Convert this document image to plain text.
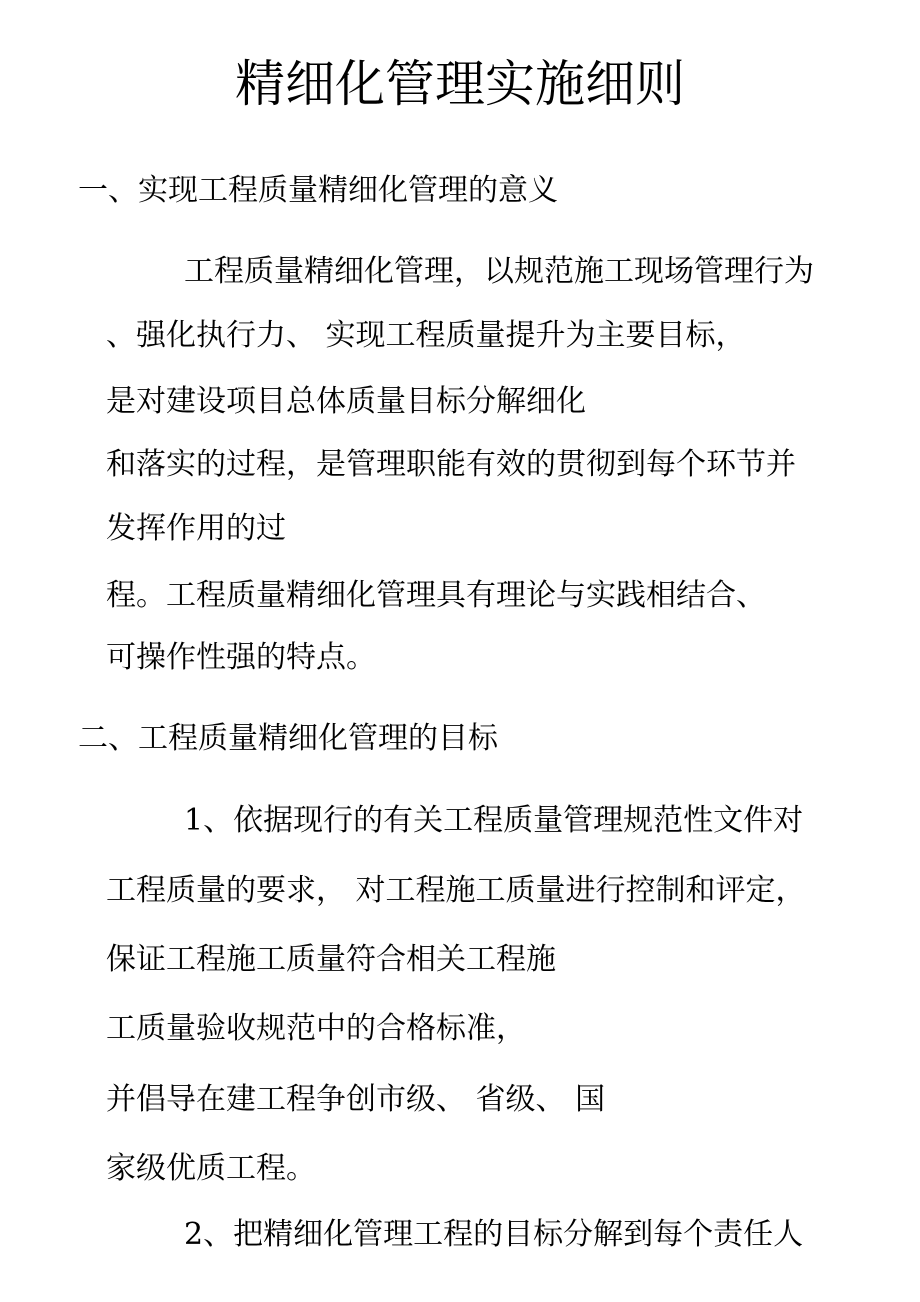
精细化管理实施细则
一、实现工程质量精细化管理的意义
工程质量精细化管理，以规范施工现场管理行为
、强化执行力、 实现工程质量提升为主要目标，
是对建设项目总体质量目标分解细化
和落实的过程，是管理职能有效的贯彻到每个环节并
发挥作用的过
程。工程质量精细化管理具有理论与实践相结合、
可操作性强的特点。
二、工程质量精细化管理的目标
1、依据现行的有关工程质量管理规范性文件对
工程质量的要求， 对工程施工质量进行控制和评定，
保证工程施工质量符合相关工程施
工质量验收规范中的合格标准，
并倡导在建工程争创市级、 省级、 国
家级优质工程。
2、把精细化管理工程的目标分解到每个责任人
